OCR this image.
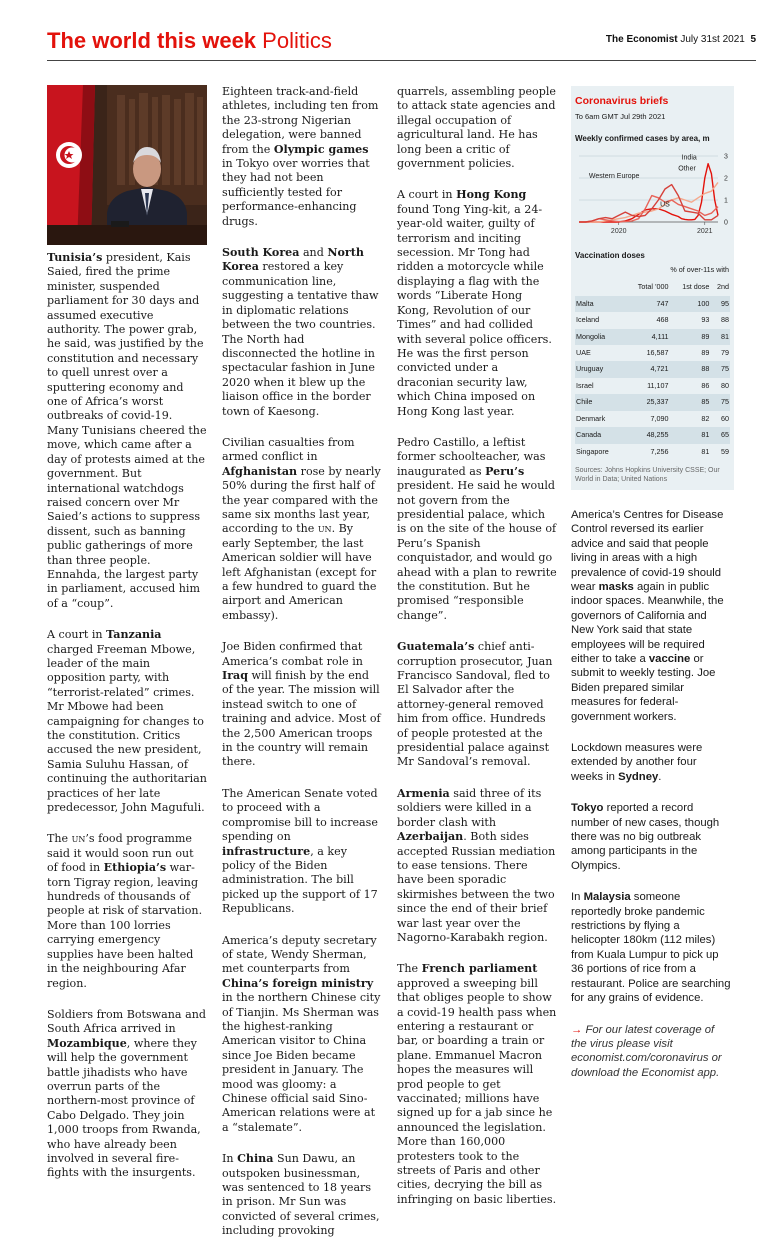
The world this week Politics	The Economist July 31st 2021 5

Tunisia’s president, Kais Saied, fired the prime minister, suspended parliament for 30 days and assumed executive authority. The power grab, he said, was justified by the constitution and necessary to quell unrest over a sputtering economy and one of Africa’s worst outbreaks of covid-19. Many Tunisians cheered the move, which came after a day of protests aimed at the government. But international watchdogs raised concern over Mr Saied’s actions to suppress dissent, such as banning public gatherings of more than three people. Ennahda, the largest party in parliament, accused him of a “coup”.

A court in Tanzania charged Freeman Mbowe, leader of the main opposition party, with “terrorist-related” crimes. Mr Mbowe had been campaigning for changes to the constitution. Critics accused the new president, Samia Suluhu Hassan, of continuing the authoritarian practices of her late predecessor, John Magufuli.

The un’s food programme said it would soon run out of food in Ethiopia’s war-torn Tigray region, leaving hundreds of thousands of people at risk of starvation. More than 100 lorries carrying emergency supplies have been halted in the neighbouring Afar region.

Soldiers from Botswana and South Africa arrived in Mozambique, where they will help the government battle jihadists who have overrun parts of the northern-most province of Cabo Delgado. They join 1,000 troops from Rwanda, who have already been involved in several fire-fights with the insurgents.

Eighteen track-and-field athletes, including ten from the 23-strong Nigerian delegation, were banned from the Olympic games in Tokyo over worries that they had not been sufficiently tested for performance-enhancing drugs.

South Korea and North Korea restored a key communication line, suggesting a tentative thaw in diplomatic relations between the two countries. The North had disconnected the hotline in spectacular fashion in June 2020 when it blew up the liaison office in the border town of Kaesong.

Civilian casualties from armed conflict in Afghanistan rose by nearly 50% during the first half of the year compared with the same six months last year, according to the un. By early September, the last American soldier will have left Afghanistan (except for a few hundred to guard the airport and American embassy).

Joe Biden confirmed that America’s combat role in Iraq will finish by the end of the year. The mission will instead switch to one of training and advice. Most of the 2,500 American troops in the country will remain there.

The American Senate voted to proceed with a compromise bill to increase spending on infrastructure, a key policy of the Biden administration. The bill picked up the support of 17 Republicans.

America’s deputy secretary of state, Wendy Sherman, met counterparts from China’s foreign ministry in the northern Chinese city of Tianjin. Ms Sherman was the highest-ranking American visitor to China since Joe Biden became president in January. The mood was gloomy: a Chinese official said Sino-American relations were at a “stalemate”.

In China Sun Dawu, an outspoken businessman, was sentenced to 18 years in prison. Mr Sun was convicted of several crimes, including provoking

quarrels, assembling people to attack state agencies and illegal occupation of agricultural land. He has long been a critic of government policies.

A court in Hong Kong found Tong Ying-kit, a 24-year-old waiter, guilty of terrorism and inciting secession. Mr Tong had ridden a motorcycle while displaying a flag with the words “Liberate Hong Kong, Revolution of our Times” and had collided with several police officers. He was the first person convicted under a draconian security law, which China imposed on Hong Kong last year.

Pedro Castillo, a leftist former schoolteacher, was inaugurated as Peru’s president. He said he would not govern from the presidential palace, which is on the site of the house of Peru’s Spanish conquistador, and would go ahead with a plan to rewrite the constitution. But he promised “responsible change”.

Guatemala’s chief anti-corruption prosecutor, Juan Francisco Sandoval, fled to El Salvador after the attorney-general removed him from office. Hundreds of people protested at the presidential palace against Mr Sandoval’s removal.

Armenia said three of its soldiers were killed in a border clash with Azerbaijan. Both sides accepted Russian mediation to ease tensions. There have been sporadic skirmishes between the two since the end of their brief war last year over the Nagorno-Karabakh region.

The French parliament approved a sweeping bill that obliges people to show a covid-19 health pass when entering a restaurant or bar, or boarding a train or plane. Emmanuel Macron hopes the measures will prod people to get vaccinated; millions have signed up for a jab since he announced the legislation. More than 160,000 protesters took to the streets of Paris and other cities, decrying the bill as infringing on basic liberties.

Coronavirus briefs
To 6am GMT Jul 29th 2021
Weekly confirmed cases by area, m
0
1
2
3
2020	2021
India
Other
Western Europe
US
Vaccination doses
% of over-11s with
	Total ’000	1st dose	2nd
Malta	747	100	95
Iceland	468	93	88
Mongolia	4,111	89	81
UAE	16,587	89	79
Uruguay	4,721	88	75
Israel	11,107	86	80
Chile	25,337	85	75
Denmark	7,090	82	60
Canada	48,255	81	65
Singapore	7,256	81	59
Sources: Johns Hopkins University CSSE; Our World in Data; United Nations

America’s Centres for Disease Control reversed its earlier advice and said that people living in areas with a high prevalence of covid-19 should wear masks again in public indoor spaces. Meanwhile, the governors of California and New York said that state employees will be required either to take a vaccine or submit to weekly testing. Joe Biden prepared similar measures for federal-government workers.

Lockdown measures were extended by another four weeks in Sydney.

Tokyo reported a record number of new cases, though there was no big outbreak among participants in the Olympics.

In Malaysia someone reportedly broke pandemic restrictions by flying a helicopter 180km (112 miles) from Kuala Lumpur to pick up 36 portions of rice from a restaurant. Police are searching for any grains of evidence.

→ For our latest coverage of the virus please visit economist.com/coronavirus or download the Economist app.
